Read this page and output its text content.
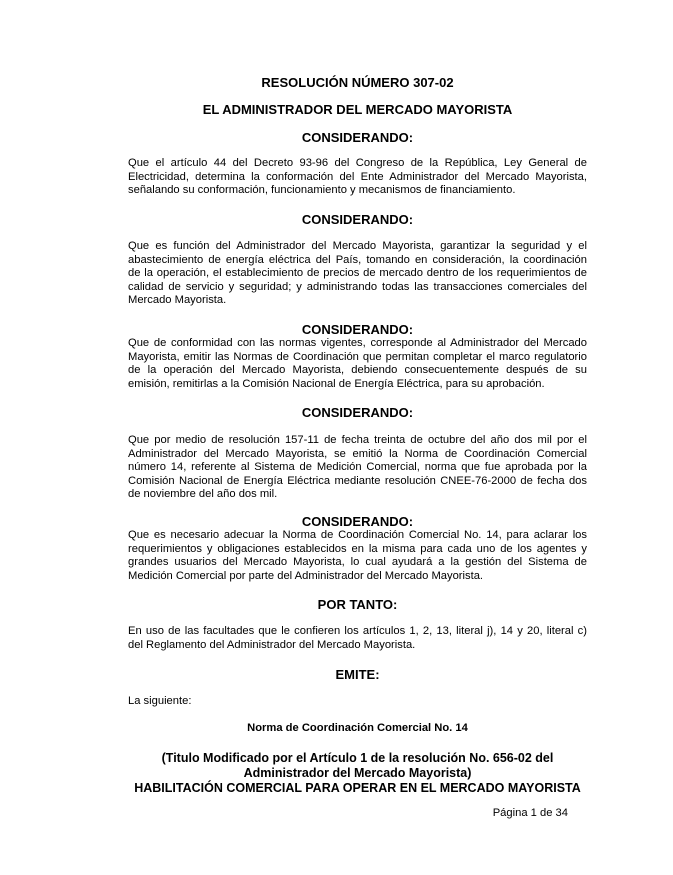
RESOLUCIÓN NÚMERO 307-02
EL ADMINISTRADOR DEL MERCADO MAYORISTA
CONSIDERANDO:
Que el artículo 44 del Decreto 93-96 del Congreso de la República, Ley General de
Electricidad, determina la conformación del Ente Administrador del Mercado Mayorista,
señalando su conformación, funcionamiento y mecanismos de financiamiento.
CONSIDERANDO:
Que es función del Administrador del Mercado Mayorista, garantizar la seguridad y el
abastecimiento de energía eléctrica del País, tomando en consideración, la coordinación
de la operación, el establecimiento de precios de mercado dentro de los requerimientos de
calidad de servicio y seguridad; y administrando todas las transacciones comerciales del
Mercado Mayorista.
CONSIDERANDO:
Que de conformidad con las normas vigentes, corresponde al Administrador del Mercado
Mayorista, emitir las Normas de Coordinación que permitan completar el marco regulatorio
de la operación del Mercado Mayorista, debiendo consecuentemente después de su
emisión, remitirlas a la Comisión Nacional de Energía Eléctrica, para su aprobación.
CONSIDERANDO:
Que por medio de resolución 157-11 de fecha treinta de octubre del año dos mil por el
Administrador del Mercado Mayorista, se emitió la Norma de Coordinación Comercial
número 14, referente al Sistema de Medición Comercial, norma que fue aprobada por la
Comisión Nacional de Energía Eléctrica mediante resolución CNEE-76-2000 de fecha dos
de noviembre del año dos mil.
CONSIDERANDO:
Que es necesario adecuar la Norma de Coordinación Comercial No. 14, para aclarar los
requerimientos y obligaciones establecidos en la misma para cada uno de los agentes y
grandes usuarios del Mercado Mayorista, lo cual ayudará a la gestión del Sistema de
Medición Comercial por parte del Administrador del Mercado Mayorista.
POR TANTO:
En uso de las facultades que le confieren los artículos 1, 2, 13, literal j), 14 y 20, literal c)
del Reglamento del Administrador del Mercado Mayorista.
EMITE:

La siguiente:

Norma de Coordinación Comercial No. 14

(Titulo Modificado por el Artículo 1 de la resolución No. 656-02 del

Administrador del Mercado Mayorista)

HABILITACIÓN COMERCIAL PARA OPERAR EN EL MERCADO MAYORISTA

Página 1 de 34
